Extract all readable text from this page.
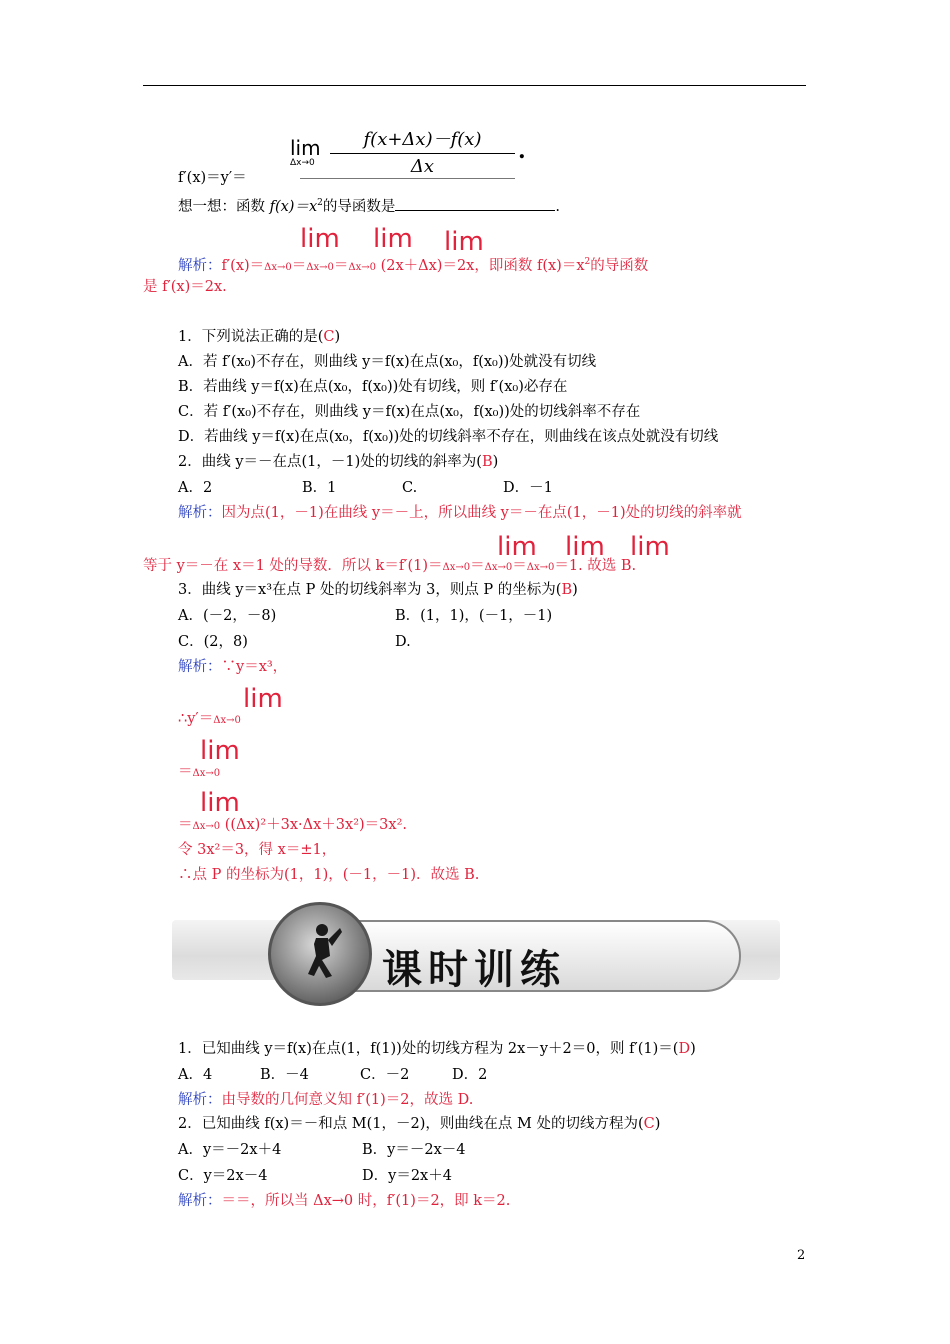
lim
$\Delta x\to 0 \frac{f(x+\Delta x)-f(x)}{\Delta x}$ .
f′(x)＝y′＝
想一想：函数 $f(x)=x^2$的导函数是	.
lim lim lim
解析：f′(x)＝Δx→0＝Δx→0＝Δx→0 (2x＋Δx)＝2x，即函数 $f(x)=x^2$的导函数
是 f′(x)＝2x.
1．下列说法正确的是(C)
A．若 f′(x₀)不存在，则曲线 y＝f(x)在点(x₀，f(x₀))处就没有切线
B．若曲线 y＝f(x)在点(x₀，f(x₀))处有切线，则 f′(x₀)必存在
C．若 f′(x₀)不存在，则曲线 y＝f(x)在点(x₀，f(x₀))处的切线斜率不存在
D．若曲线 y＝f(x)在点(x₀，f(x₀))处的切线斜率不存在，则曲线在该点处就没有切线
2．曲线 y＝－在点(1，－1)处的切线的斜率为(B)
A．2	B．1	C.	D．－1
解析：因为点(1，－1)在曲线 y＝－上，所以曲线 y＝－在点(1，－1)处的切线的斜率就
lim lim lim
等于 y＝－在 x＝1 处的导数．所以 k＝f′(1)＝Δx→0＝Δx→0＝Δx→0＝1. 故选 B.
3．曲线 y＝x³在点 P 处的切线斜率为 3，则点 P 的坐标为(B)
A．(－2，－8)	B．(1，1)，(－1，－1)
C．(2，8)	D.
解析：∵y＝x³，
lim
∴y′＝Δx→0
lim
＝Δx→0
lim
＝Δx→0 ((Δx)²＋3x·Δx＋3x²)＝3x².
令 3x²＝3，得 x＝±1，
∴点 P 的坐标为(1，1)，(－1，－1)．故选 B.
课时训练
1．已知曲线 y＝f(x)在点(1，f(1))处的切线方程为 2x－y＋2＝0，则 f′(1)＝(D)
A．4	B．－4	C．－2	D．2
解析：由导数的几何意义知 f′(1)＝2，故选 D.
2．已知曲线 f(x)＝－和点 M(1，－2)，则曲线在点 M 处的切线方程为(C)
A．y＝－2x＋4	B．y＝－2x－4
C．y＝2x－4	D．y＝2x＋4
解析：＝＝，所以当 Δx→0 时，f′(1)＝2，即 k＝2.
2
